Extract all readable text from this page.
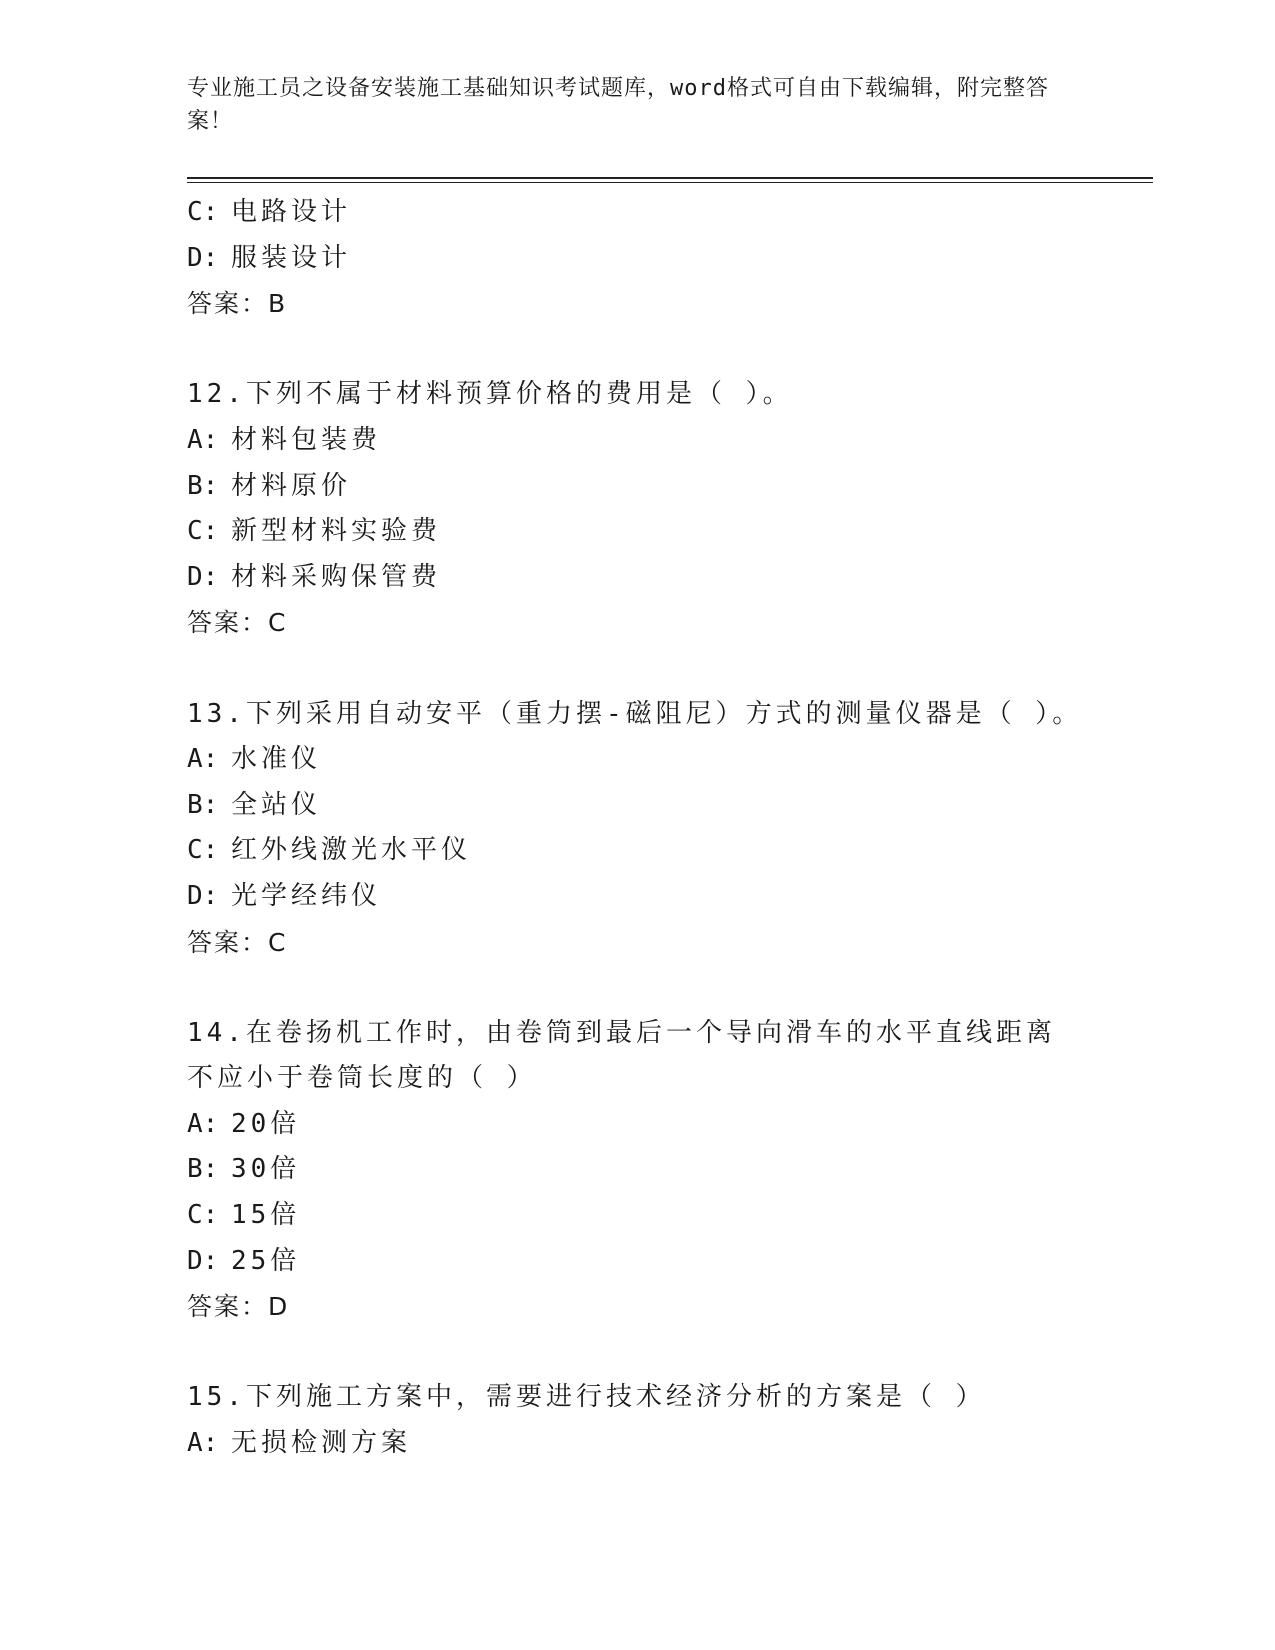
专业施工员之设备安装施工基础知识考试题库，word格式可自由下载编辑，附完整答案！
C: 电路设计
D: 服装设计
答案：B
12.下列不属于材料预算价格的费用是（ ）。
A: 材料包装费
B: 材料原价
C: 新型材料实验费
D: 材料采购保管费
答案：C
13.下列采用自动安平（重力摆-磁阻尼）方式的测量仪器是（ ）。
A: 水准仪
B: 全站仪
C: 红外线激光水平仪
D: 光学经纬仪
答案：C
14.在卷扬机工作时，由卷筒到最后一个导向滑车的水平直线距离不应小于卷筒长度的（ ）
A: 20倍
B: 30倍
C: 15倍
D: 25倍
答案：D
15.下列施工方案中，需要进行技术经济分析的方案是（ ）
A: 无损检测方案
